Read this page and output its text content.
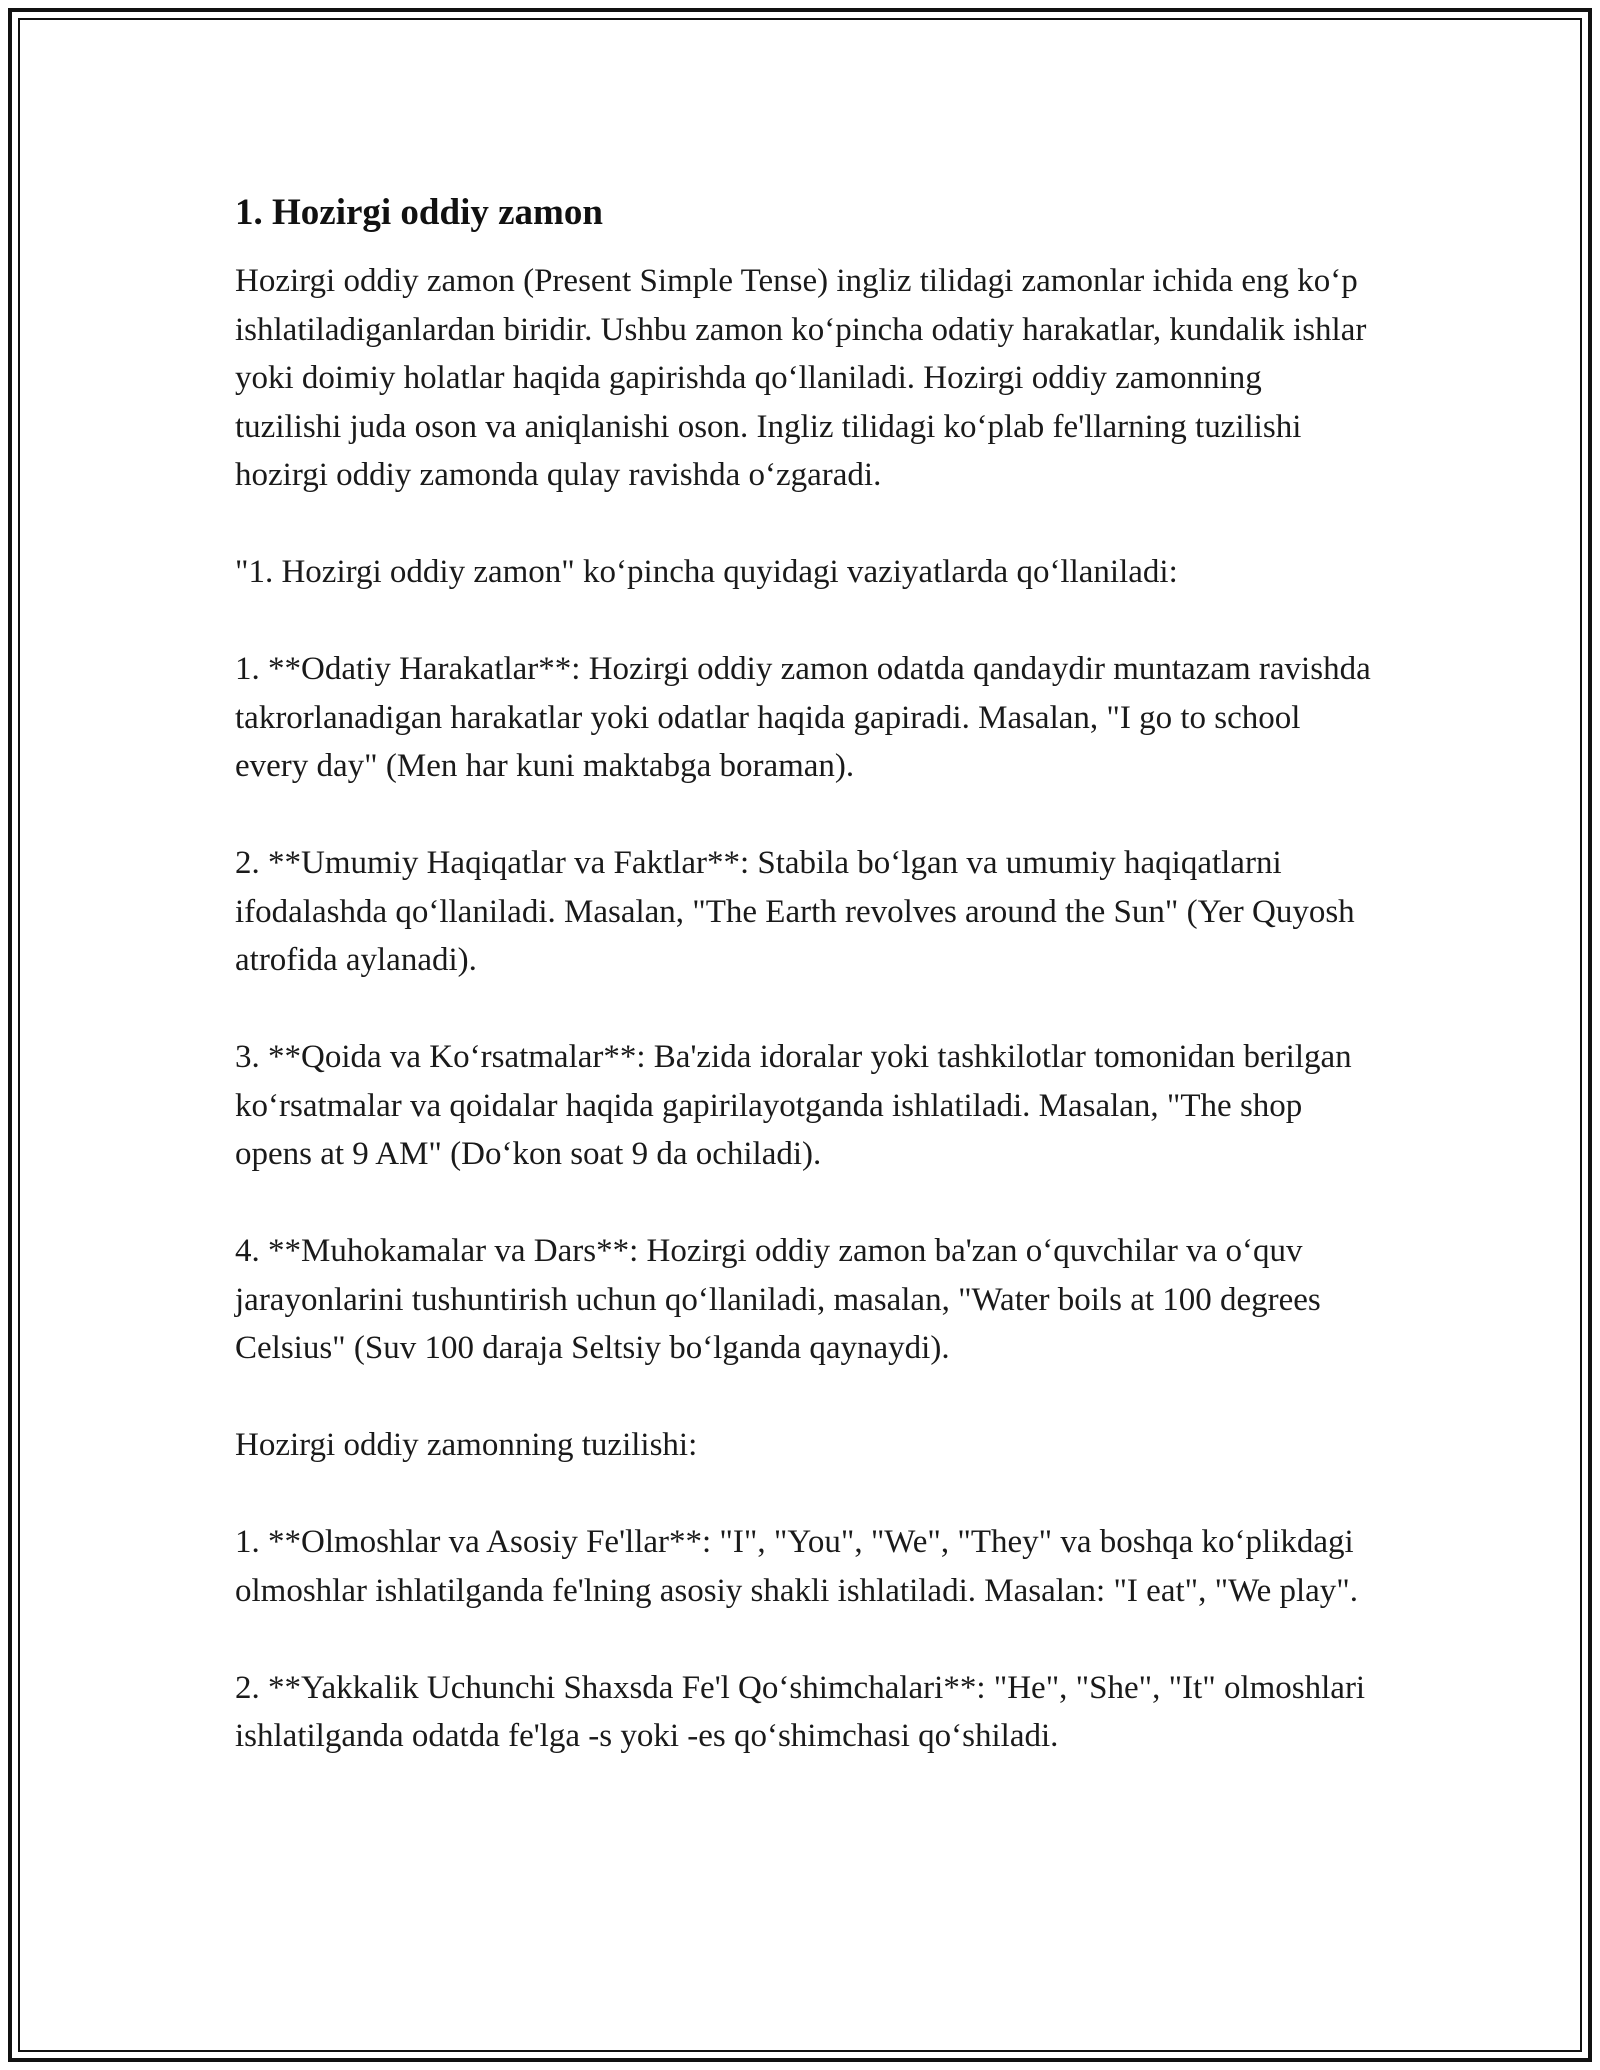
1. Hozirgi oddiy zamon

Hozirgi oddiy zamon (Present Simple Tense) ingliz tilidagi zamonlar ichida eng ko‘p ishlatiladiganlardan biridir. Ushbu zamon ko‘pincha odatiy harakatlar, kundalik ishlar yoki doimiy holatlar haqida gapirishda qo‘llaniladi. Hozirgi oddiy zamonning tuzilishi juda oson va aniqlanishi oson. Ingliz tilidagi ko‘plab fe'llarning tuzilishi hozirgi oddiy zamonda qulay ravishda o‘zgaradi.

"1. Hozirgi oddiy zamon" ko‘pincha quyidagi vaziyatlarda qo‘llaniladi:

1. **Odatiy Harakatlar**: Hozirgi oddiy zamon odatda qandaydir muntazam ravishda takrorlanadigan harakatlar yoki odatlar haqida gapiradi. Masalan, "I go to school every day" (Men har kuni maktabga boraman).

2. **Umumiy Haqiqatlar va Faktlar**: Stabila bo‘lgan va umumiy haqiqatlarni ifodalashda qo‘llaniladi. Masalan, "The Earth revolves around the Sun" (Yer Quyosh atrofida aylanadi).

3. **Qoida va Ko‘rsatmalar**: Ba'zida idoralar yoki tashkilotlar tomonidan berilgan ko‘rsatmalar va qoidalar haqida gapirilayotganda ishlatiladi. Masalan, "The shop opens at 9 AM" (Do‘kon soat 9 da ochiladi).

4. **Muhokamalar va Dars**: Hozirgi oddiy zamon ba'zan o‘quvchilar va o‘quv jarayonlarini tushuntirish uchun qo‘llaniladi, masalan, "Water boils at 100 degrees Celsius" (Suv 100 daraja Seltsiy bo‘lganda qaynaydi).

Hozirgi oddiy zamonning tuzilishi:

1. **Olmoshlar va Asosiy Fe'llar**: "I", "You", "We", "They" va boshqa ko‘plikdagi olmoshlar ishlatilganda fe'lning asosiy shakli ishlatiladi. Masalan: "I eat", "We play".

2. **Yakkalik Uchunchi Shaxsda Fe'l Qo‘shimchalari**: "He", "She", "It" olmoshlari ishlatilganda odatda fe'lga -s yoki -es qo‘shimchasi qo‘shiladi.
